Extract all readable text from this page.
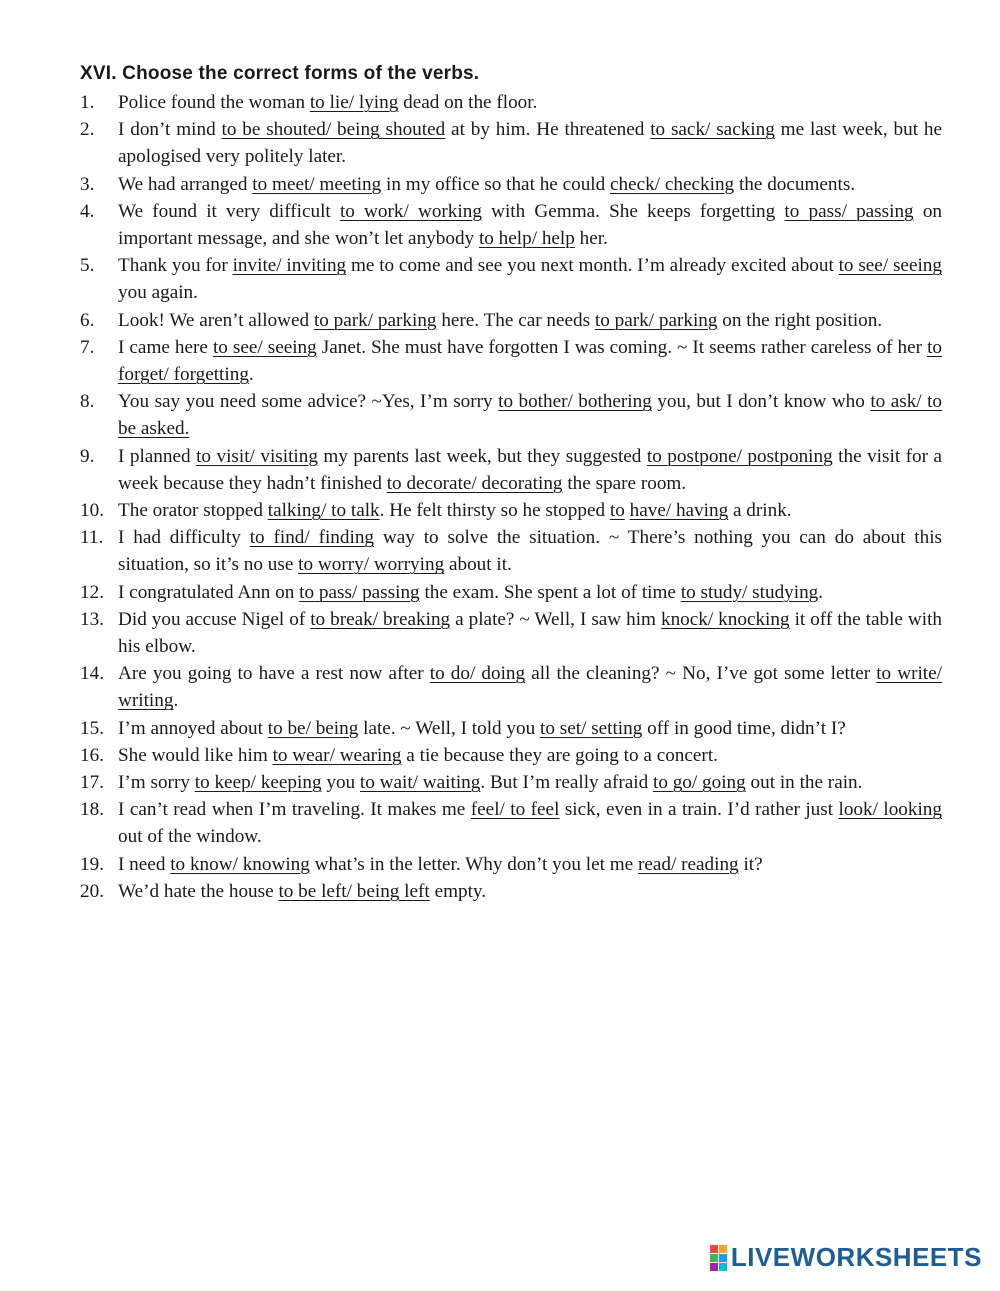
XVI. Choose the correct forms of the verbs.
1.	Police found the woman to lie/ lying dead on the floor.
2.	I don’t mind to be shouted/ being shouted at by him. He threatened to sack/ sacking me last week, but he apologised very politely later.
3.	We had arranged to meet/ meeting in my office so that he could check/ checking the documents.
4.	We found it very difficult to work/ working with Gemma. She keeps forgetting to pass/ passing on important message, and she won’t let anybody to help/ help her.
5.	Thank you for invite/ inviting me to come and see you next month. I’m already excited about to see/ seeing you again.
6.	Look! We aren’t allowed to park/ parking here. The car needs to park/ parking on the right position.
7.	I came here to see/ seeing Janet. She must have forgotten I was coming. ~ It seems rather careless of her to forget/ forgetting.
8.	You say you need some advice? ~Yes, I’m sorry to bother/ bothering you, but I don’t know who to ask/ to be asked.
9.	I planned to visit/ visiting my parents last week, but they suggested to postpone/ postponing the visit for a week because they hadn’t finished to decorate/ decorating the spare room.
10. The orator stopped talking/ to talk. He felt thirsty so he stopped to have/ having a drink.
11. I had difficulty to find/ finding way to solve the situation. ~ There’s nothing you can do about this situation, so it’s no use to worry/ worrying about it.
12. I congratulated Ann on to pass/ passing the exam. She spent a lot of time to study/ studying.
13. Did you accuse Nigel of to break/ breaking a plate? ~ Well, I saw him knock/ knocking it off the table with his elbow.
14. Are you going to have a rest now after to do/ doing all the cleaning? ~ No, I’ve got some letter to write/ writing.
15. I’m annoyed about to be/ being late. ~ Well, I told you to set/ setting off in good time, didn’t I?
16. She would like him to wear/ wearing a tie because they are going to a concert.
17. I’m sorry to keep/ keeping you to wait/ waiting. But I’m really afraid to go/ going out in the rain.
18. I can’t read when I’m traveling. It makes me feel/ to feel sick, even in a train. I’d rather just look/ looking out of the window.
19. I need to know/ knowing what’s in the letter. Why don’t you let me read/ reading it?
20. We’d hate the house to be left/ being left empty.
LIVEWORKSHEETS
